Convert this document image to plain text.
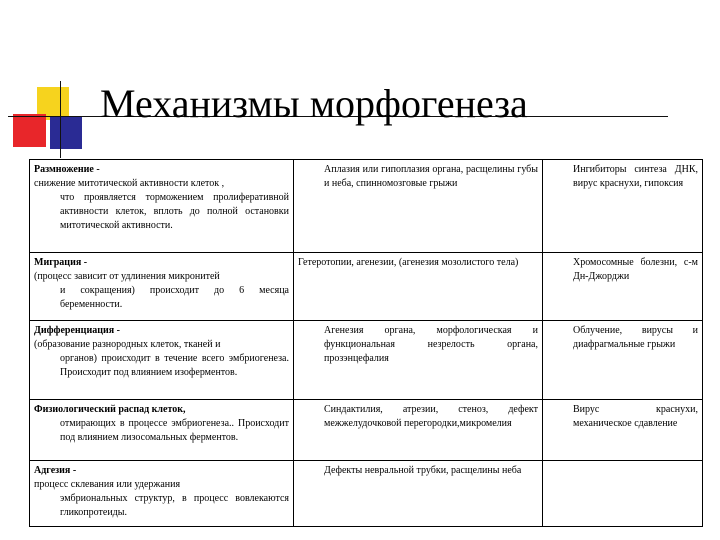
Механизмы морфогенеза
Размножение -
снижение митотической активности клеток ,
что проявляется торможением пролиферативной активности клеток, вплоть до полной остановки митотической активности.	Аплазия или гипоплазия органа, расщелины губы и неба, спинномозговые грыжи	Ингибиторы синтеза ДНК, вирус краснухи, гипоксия

Миграция -
(процесс зависит от удлинения микронитей
и сокращения) происходит до 6 месяца беременности.	Гетеротопии, агенезии, (агенезия мозолистого тела)	Хромосомные болезни, с-м Дн-Джорджи

Дифференциация -
(образование разнородных клеток, тканей и
органов) происходит в течение всего эмбриогенеза. Происходит под влиянием изоферментов.	Агенезия органа, морфологическая и функциональная незрелость органа, прозэнцефалия	Облучение, вирусы и диафрагмальные грыжи

Физиологический распад клеток,
отмирающих в процессе эмбриогенеза.. Происходит под влиянием лизосомальных ферментов.	Синдактилия, атрезии, стеноз, дефект межжелудочковой перегородки,микромелия	Вирус краснухи, механическое сдавление

Адгезия -
процесс склевания или удержания
эмбриональных структур, в процесс вовлекаются гликопротеиды.	Дефекты невральной трубки, расщелины неба	
